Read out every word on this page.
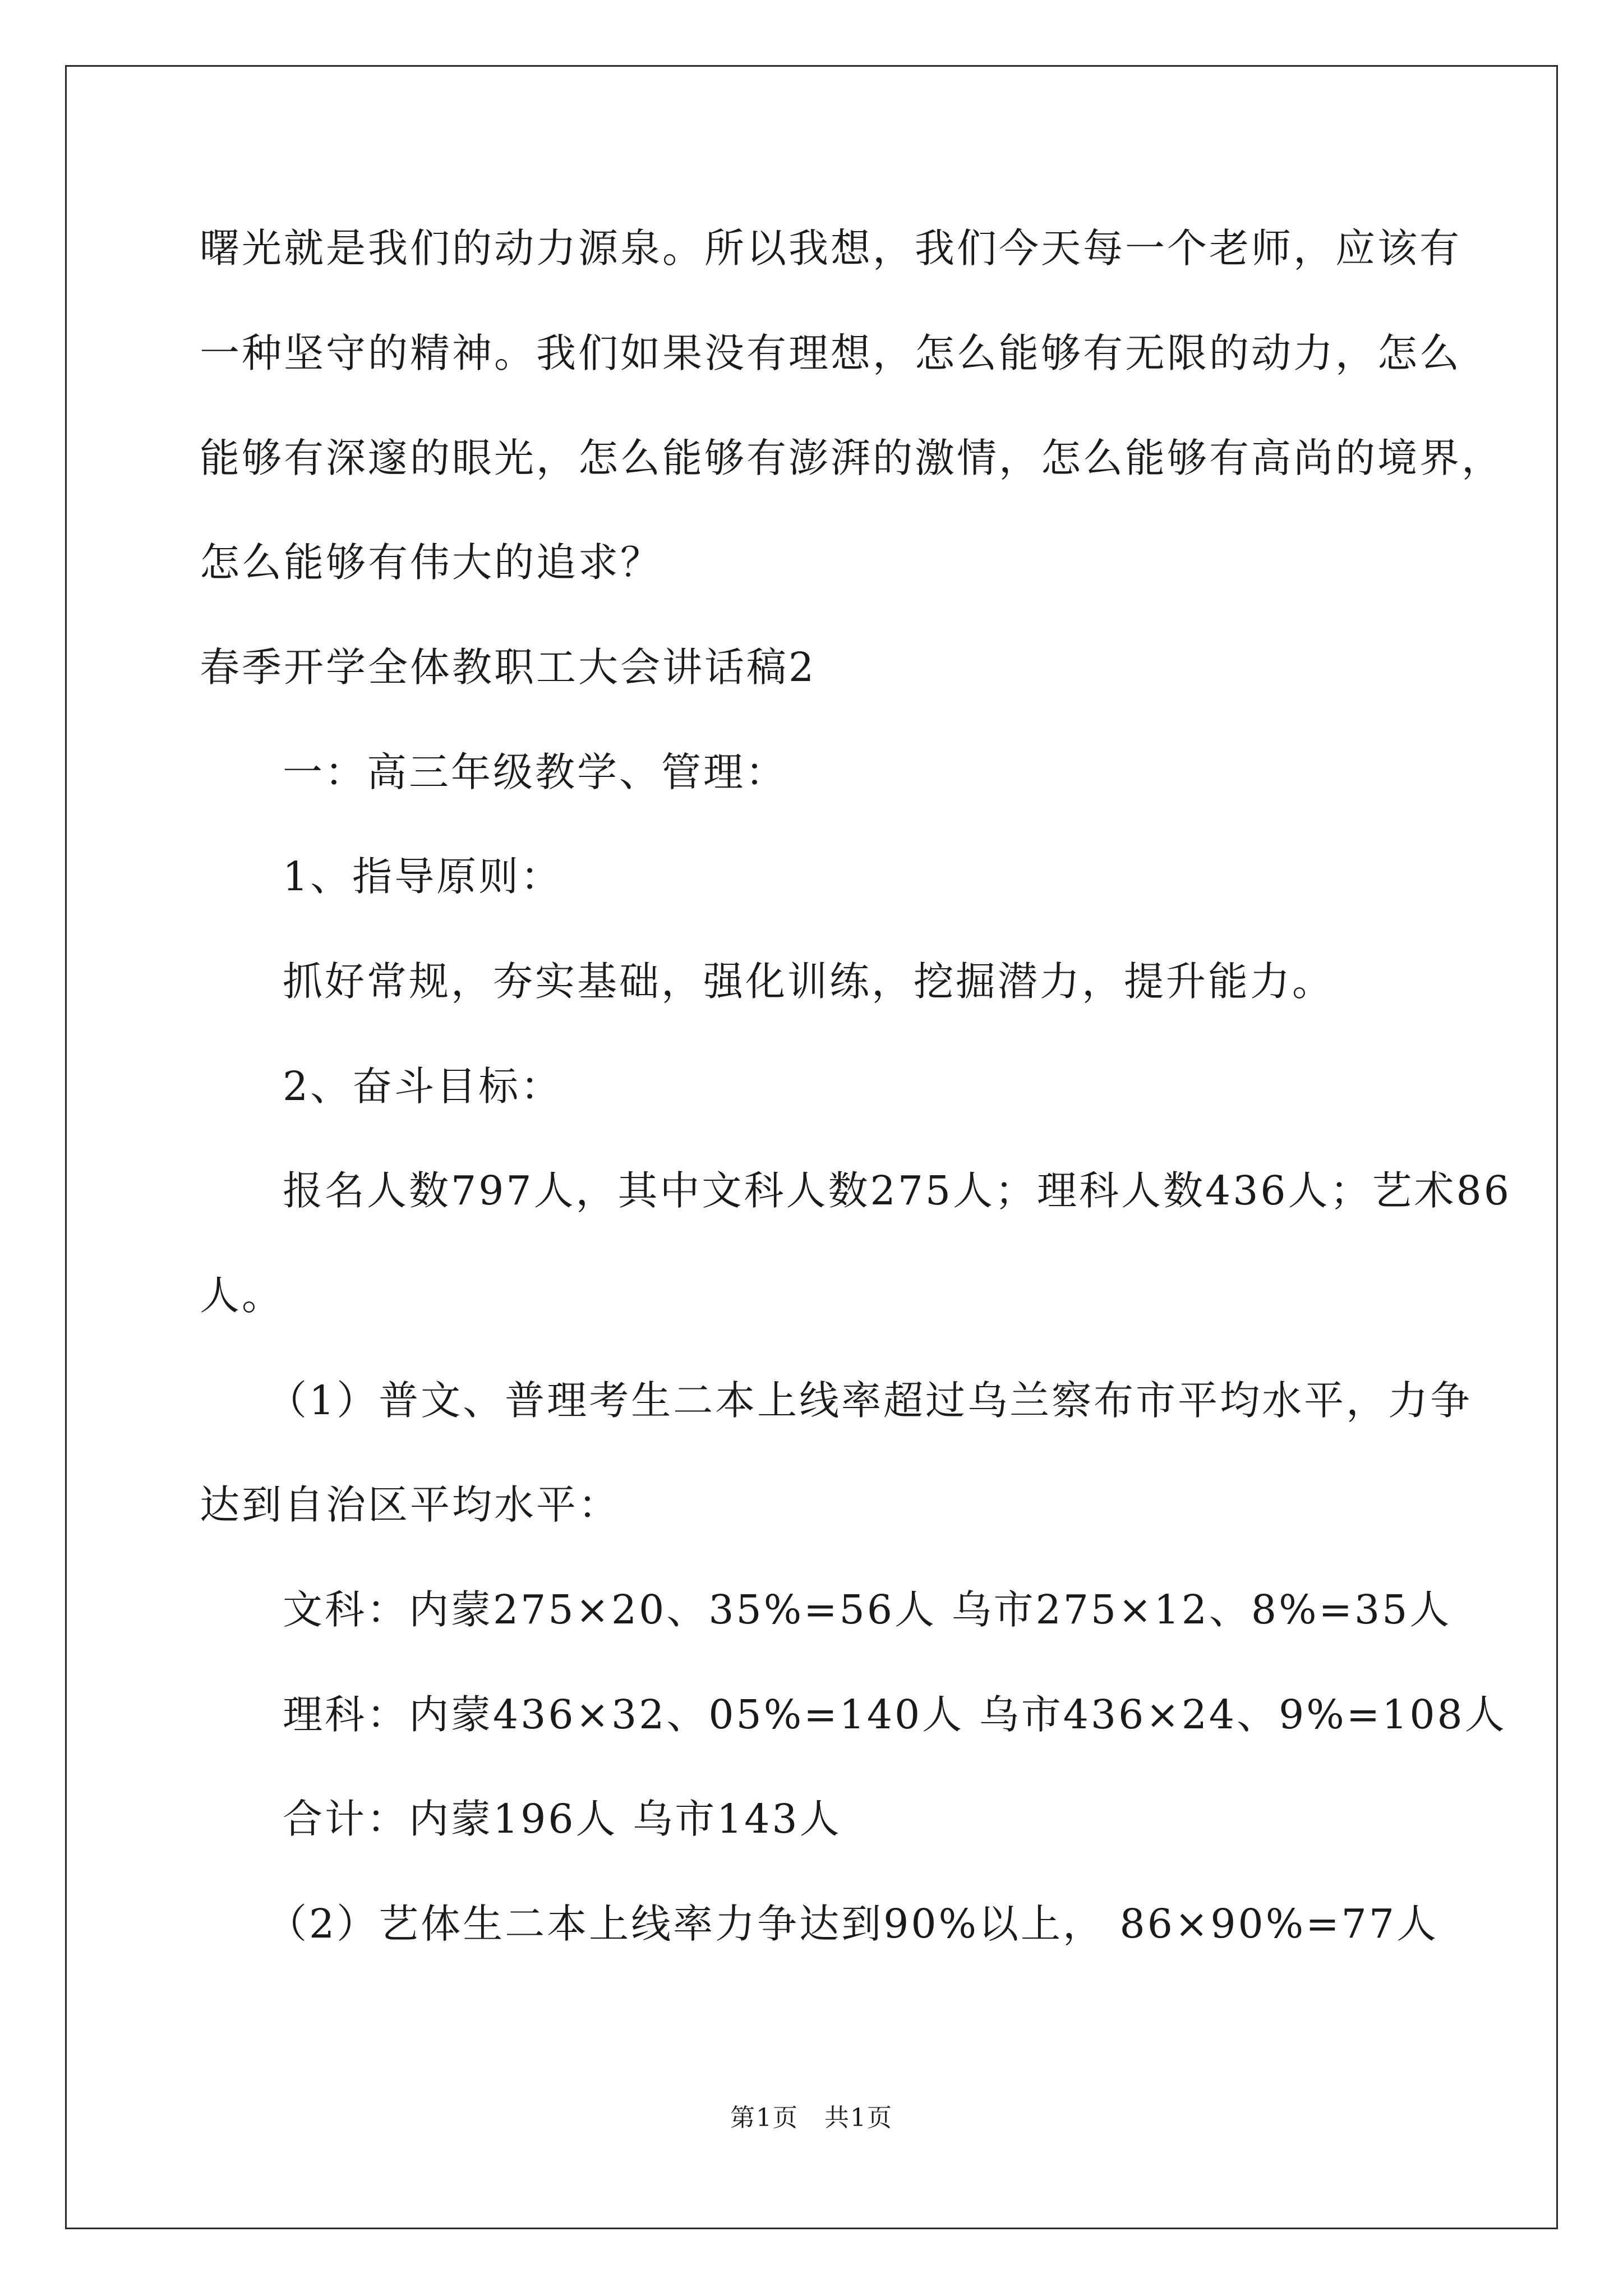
曙光就是我们的动力源泉。所以我想，我们今天每一个老师，应该有
一种坚守的精神。我们如果没有理想，怎么能够有无限的动力，怎么
能够有深邃的眼光，怎么能够有澎湃的激情，怎么能够有高尚的境界，
怎么能够有伟大的追求？
春季开学全体教职工大会讲话稿2
一：高三年级教学、管理：
1、指导原则：
抓好常规，夯实基础，强化训练，挖掘潜力，提升能力。
2、奋斗目标：
报名人数797人，其中文科人数275人；理科人数436人；艺术86
人。
（1）普文、普理考生二本上线率超过乌兰察布市平均水平，力争
达到自治区平均水平：
文科：内蒙275×20、35%=56人 乌市275×12、8%=35人
理科：内蒙436×32、05%=140人 乌市436×24、9%=108人
合计：内蒙196人 乌市143人
（2）艺体生二本上线率力争达到90%以上， 86×90%=77人
第1页 共1页
